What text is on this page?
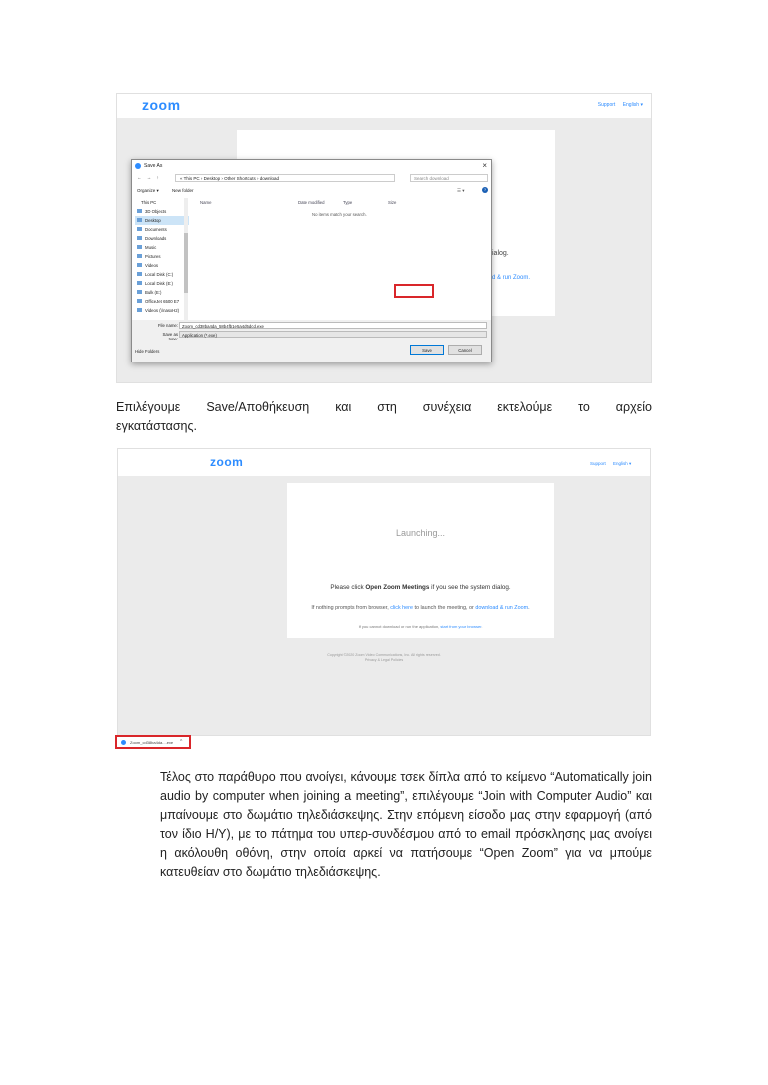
zoom	Support English ▾
ialog.
d & run Zoom.
Save As	×
← → ↑	« This PC › Desktop › Other Shortcuts › download	Search download
Organize ▾	New folder	☰ ▾	?
This PC
3D Objects
Desktop
Documents
Downloads
Music
Pictures
Videos
Local Disk (C:)
Local Disk (E:)
Bulk (E:)
OfficeJet 6500 E7
Videos (\\nasxH2)
Name	Date modified	Type	Size
No items match your search.
File name: Zoom_cd38ba4da_58b4fb1e5a4d5dcd.exe
Save as Application (*.exe)
Hide Folders	Save	Cancel
Επιλέγουμε Save/Αποθήκευση και στη συνέχεια εκτελούμε το αρχείο
εγκατάστασης.
zoom	Support English ▾
Launching...
Please click Open Zoom Meetings if you see the system dialog.
If nothing prompts from browser, click here to launch the meeting, or download & run Zoom.
If you cannot download or run the application, start from your browser.
Copyright ©2020 Zoom Video Communications, Inc. All rights reserved.
Privacy & Legal Policies
Zoom_cd38ba4da....exe ^
Τέλος στο παράθυρο που ανοίγει, κάνουμε τσεκ δίπλα από το κείμενο “Automatically join audio by computer when joining a meeting”, επιλέγουμε “Join with Computer Audio” και μπαίνουμε στο δωμάτιο τηλεδιάσκεψης. Στην επόμενη είσοδο μας στην εφαρμογή (από τον ίδιο Η/Υ), με το πάτημα του υπερ-συνδέσμου από το email πρόσκλησης μας ανοίγει η ακόλουθη οθόνη, στην οποία αρκεί να πατήσουμε “Open Zoom” για να μπούμε κατευθείαν στο δωμάτιο τηλεδιάσκεψης.
